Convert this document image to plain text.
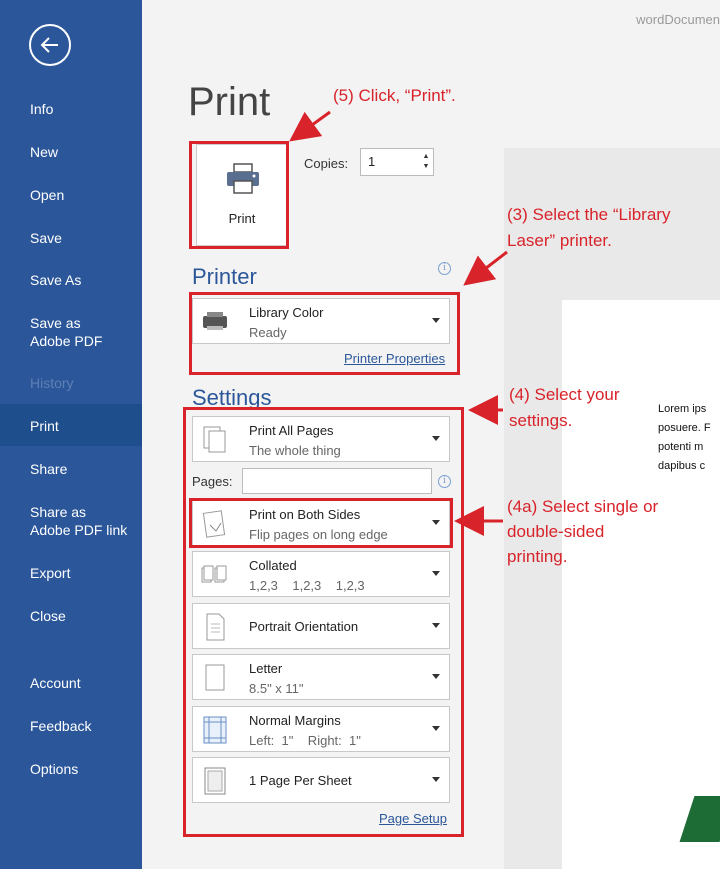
Info
New
Open
Save
Save As
Save as Adobe PDF
History
Print
Share
Share as Adobe PDF link
Export
Close
Account
Feedback
Options
wordDocumen
Print
Print
Copies:	1	▲
▼
Printer	i
Library Color
Ready
Printer Properties
Settings
Print All Pages
The whole thing
Pages:	i
Print on Both Sides
Flip pages on long edge
Collated
1,2,3    1,2,3    1,2,3
Portrait Orientation
Letter
8.5" x 11"
Normal Margins
Left:  1"    Right:  1"
1 Page Per Sheet
Page Setup

Lorem ips

posuere. F

potenti m

dapibus c

(5) Click, “Print”.
(3) Select the “Library
Laser” printer.
(4) Select your
settings.
(4a) Select single or
double-sided
printing.
